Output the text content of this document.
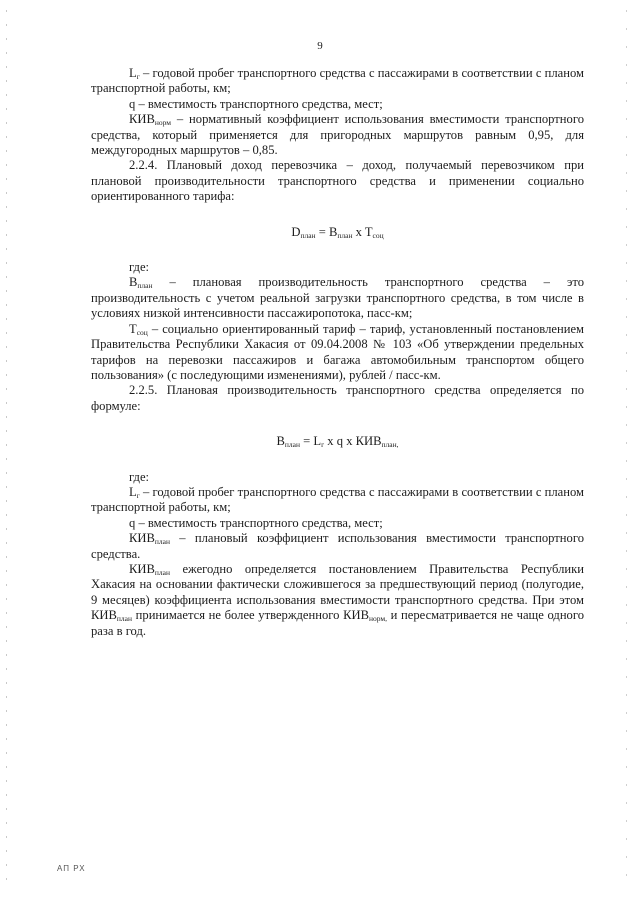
9

$L_г$ – годовой пробег транспортного средства с пассажирами в соответствии с планом транспортной работы, км;

q – вместимость транспортного средства, мест;

$КИВ_{норм}$ – нормативный коэффициент использования вместимости транспортного средства, который применяется для пригородных маршрутов равным 0,95, для междугородных маршрутов – 0,85.

2.2.4. Плановый доход перевозчика – доход, получаемый перевозчиком при плановой производительности транспортного средства и применении социально ориентированного тарифа:

$D_{план} = B_{план}$ x $T_{соц}$

где:

$B_{план}$ – плановая производительность транспортного средства – это производительность с учетом реальной загрузки транспортного средства, в том числе в условиях низкой интенсивности пассажиропотока, пасс-км;

$T_{соц}$ – социально ориентированный тариф – тариф, установленный постановлением Правительства Республики Хакасия от 09.04.2008 № 103 «Об утверждении предельных тарифов на перевозки пассажиров и багажа автомобильным транспортом общего пользования» (с последующими изменениями), рублей / пасс-км.

2.2.5. Плановая производительность транспортного средства определяется по формуле:

$B_{план} = L_г$ x q x $КИВ_{план,}$

где:

$L_г$ – годовой пробег транспортного средства с пассажирами в соответствии с планом транспортной работы, км;

q – вместимость транспортного средства, мест;

$КИВ_{план}$ – плановый коэффициент использования вместимости транспортного средства.

$КИВ_{план}$ ежегодно определяется постановлением Правительства Республики Хакасия на основании фактически сложившегося за предшествующий период (полугодие, 9 месяцев) коэффициента использования вместимости транспортного средства. При этом $КИВ_{план}$ принимается не более утвержденного $КИВ_{норм,}$ и пересматривается не чаще одного раза в год.

АП РХ
